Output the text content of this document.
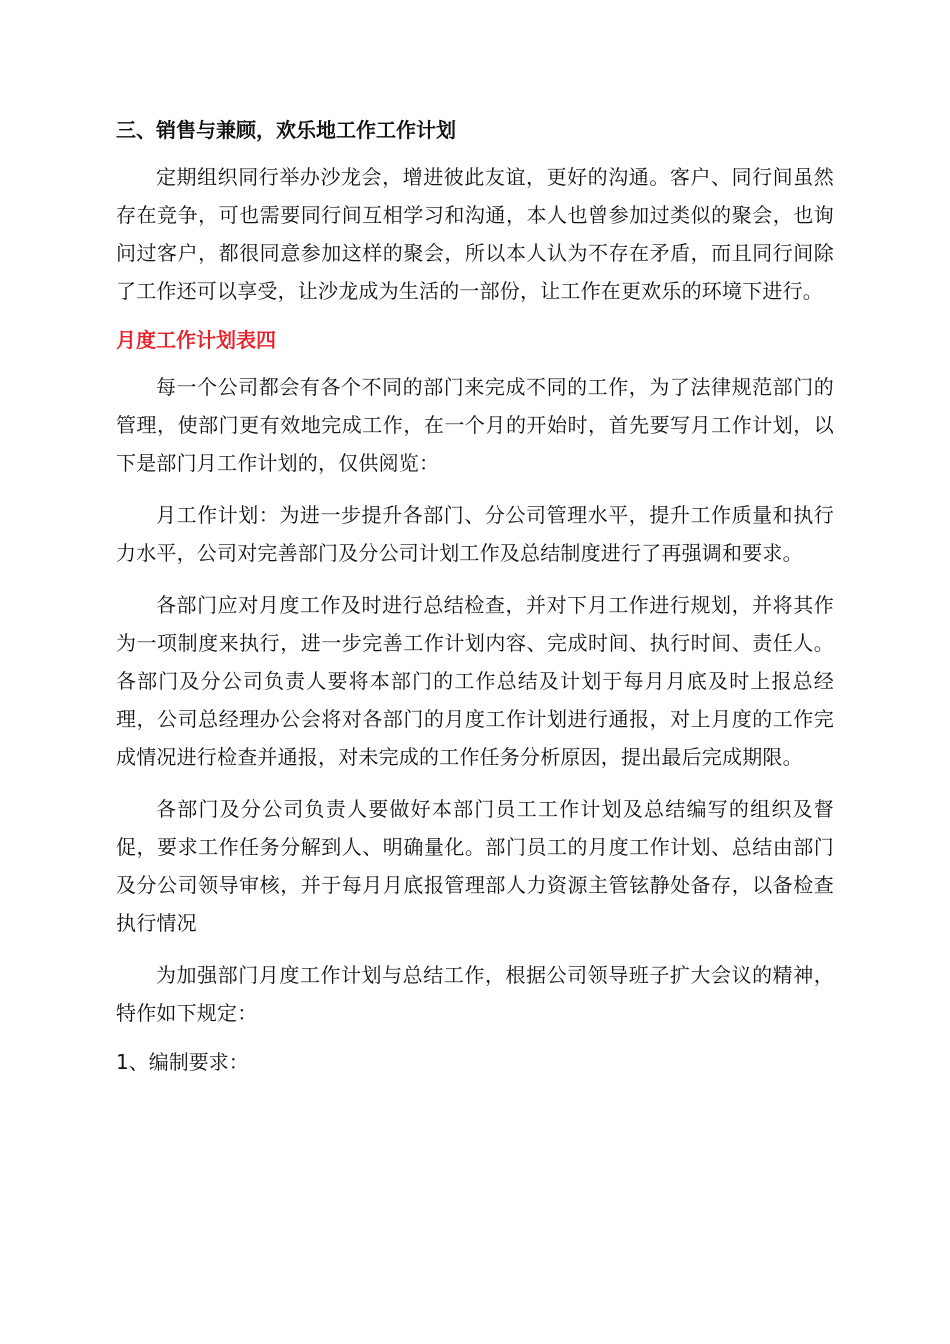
三、销售与兼顾，欢乐地工作工作计划
定期组织同行举办沙龙会，增进彼此友谊，更好的沟通。客户、同行间虽然存在竞争，可也需要同行间互相学习和沟通，本人也曾参加过类似的聚会，也询问过客户，都很同意参加这样的聚会，所以本人认为不存在矛盾，而且同行间除了工作还可以享受，让沙龙成为生活的一部份，让工作在更欢乐的环境下进行。
月度工作计划表四
每一个公司都会有各个不同的部门来完成不同的工作，为了法律规范部门的管理，使部门更有效地完成工作，在一个月的开始时，首先要写月工作计划，以下是部门月工作计划的，仅供阅览：
月工作计划：为进一步提升各部门、分公司管理水平，提升工作质量和执行力水平，公司对完善部门及分公司计划工作及总结制度进行了再强调和要求。
各部门应对月度工作及时进行总结检查，并对下月工作进行规划，并将其作为一项制度来执行，进一步完善工作计划内容、完成时间、执行时间、责任人。各部门及分公司负责人要将本部门的工作总结及计划于每月月底及时上报总经理，公司总经理办公会将对各部门的月度工作计划进行通报，对上月度的工作完成情况进行检查并通报，对未完成的工作任务分析原因，提出最后完成期限。
各部门及分公司负责人要做好本部门员工工作计划及总结编写的组织及督促，要求工作任务分解到人、明确量化。部门员工的月度工作计划、总结由部门及分公司领导审核，并于每月月底报管理部人力资源主管铉静处备存，以备检查执行情况
为加强部门月度工作计划与总结工作，根据公司领导班子扩大会议的精神，特作如下规定：
1、编制要求：
